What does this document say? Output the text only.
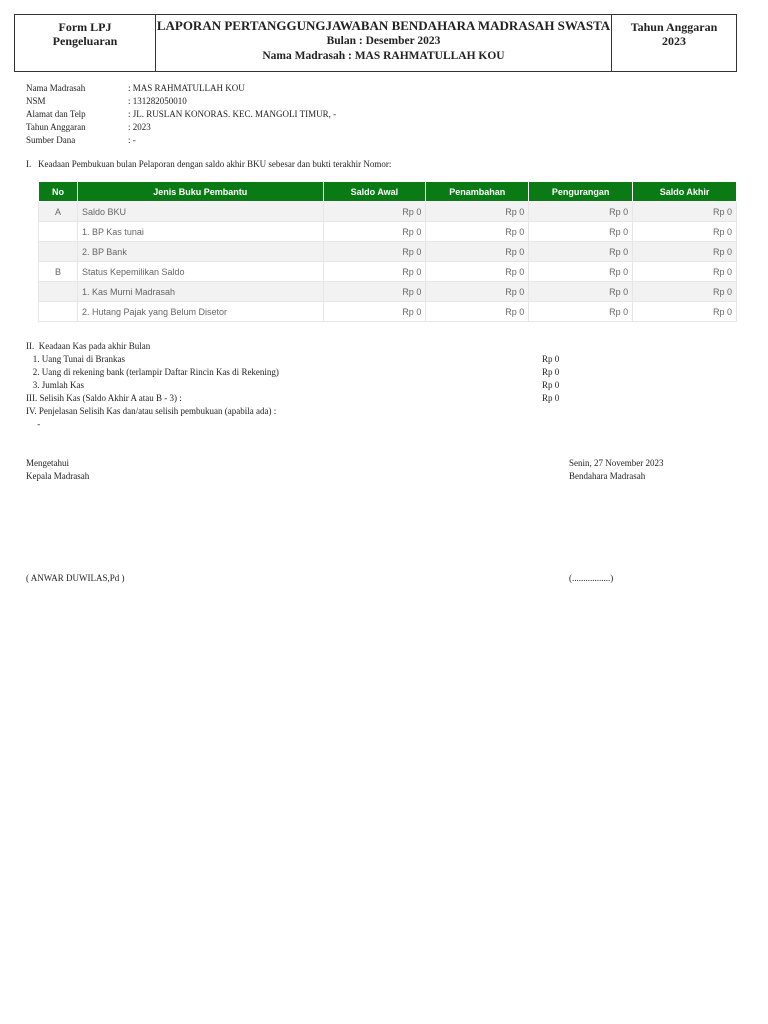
Form LPJ
Pengeluaran
LAPORAN PERTANGGUNGJAWABAN BENDAHARA MADRASAH SWASTA
Bulan : Desember 2023
Nama Madrasah : MAS RAHMATULLAH KOU
Tahun Anggaran
2023
Nama Madrasah	: MAS RAHMATULLAH KOU
NSM	: 131282050010
Alamat dan Telp	: JL. RUSLAN KONORAS. KEC. MANGOLI TIMUR, -
Tahun Anggaran	: 2023
Sumber Dana	: -
I.   Keadaan Pembukuan bulan Pelaporan dengan saldo akhir BKU sebesar dan bukti terakhir Nomor:
No	Jenis Buku Pembantu	Saldo Awal	Penambahan	Pengurangan	Saldo Akhir
A	Saldo BKU	Rp 0	Rp 0	Rp 0	Rp 0
	1. BP Kas tunai	Rp 0	Rp 0	Rp 0	Rp 0
	2. BP Bank	Rp 0	Rp 0	Rp 0	Rp 0
B	Status Kepemilikan Saldo	Rp 0	Rp 0	Rp 0	Rp 0
	1. Kas Murni Madrasah	Rp 0	Rp 0	Rp 0	Rp 0
	2. Hutang Pajak yang Belum Disetor	Rp 0	Rp 0	Rp 0	Rp 0
II.  Keadaan Kas pada akhir Bulan
1. Uang Tunai di Brankas	Rp 0
2. Uang di rekening bank (terlampir Daftar Rincin Kas di Rekening)	Rp 0
3. Jumlah Kas	Rp 0
III. Selisih Kas (Saldo Akhir A atau B - 3) :	Rp 0
IV. Penjelasan Selisih Kas dan/atau selisih pembukuan (apabila ada) :
-
Mengetahui
Kepala Madrasah
Senin, 27 November 2023
Bendahara Madrasah
( ANWAR DUWILAS,Pd )	(.................)
